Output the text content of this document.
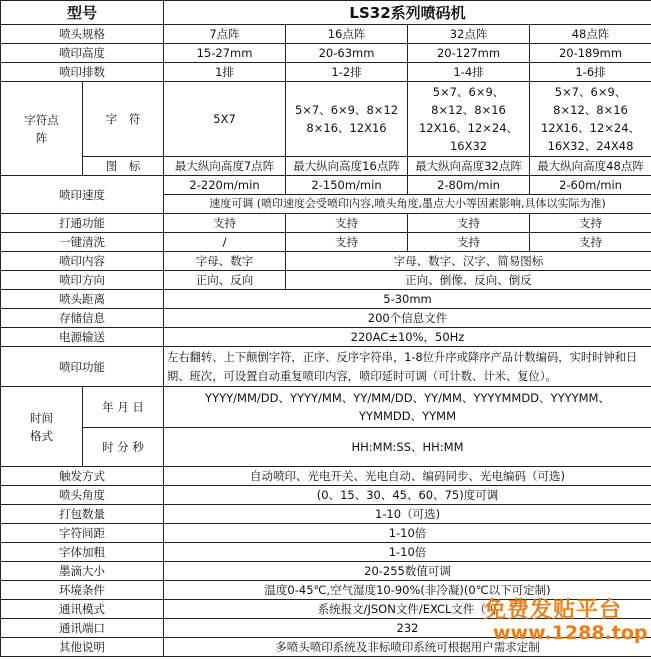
型号		LS32系列喷码机			
喷头规格		7点阵	16点阵	32点阵	48点阵
喷印高度		15-27mm	20-63mm	20-127mm	20-189mm
喷印排数		1排	1-2排	1-4排	1-6排
字符点阵	字　符	5X7	5×7、6×9、8×12 8×16、12X16	5×7、6×9、8×12、8×16 12X16、12×24、16X32	5×7、6×9、8×12、8×16 12X16、12×24、16X32、24X48
	图　标	最大纵向高度7点阵	最大纵向高度16点阵	最大纵向高度32点阵	最大纵向高度48点阵
喷印速度		2-220m/min	2-150m/min	2-80m/min	2-60m/min
		速度可调 (喷印速度会受喷印内容,喷头角度,墨点大小等因素影响,具体以实际为准)			
打通功能		支持	支持	支持	支持
一键清洗		/	支持	支持	支持
喷印内容		字母、数字	字母、数字、汉字、简易图标		
喷印方向		正向、反向	正向、倒像、反向、倒反		
喷头距离		5-30mm			
存储信息		200个信息文件			
电源输送		220AC±10%，50Hz			
喷印功能		左右翻转、上下颠倒字符，正序、反序字符串，1-8位升序或降序产品计数编码，实时时钟和日期、班次，可设置自动重复喷印内容，喷印延时可调（可计数、计米、复位）。			
时间格式	年 月 日	YYYY/MM/DD、YYYY/MM、YY/MM/DD、YY/MM、YYYYMMDD、YYYYMM、YYMMDD、YYMM			
	时 分 秒	HH:MM:SS、HH:MM			
触发方式		自动喷印、光电开关、光电自动、编码同步、光电编码（可选)			
喷头角度		(0、15、30、45、60、75)度可调			
打包数量		1-10（可选)			
字符间距		1-10倍			
字体加粗		1-10倍			
墨滴大小		20-255数值可调			
环境条件		温度0-45℃,空气湿度10-90%(非冷凝)(0℃以下可定制)			
通讯模式		系统报文/JSON文件/EXCL文件（可			
通讯端口		232			
其他说明		多喷头喷印系统及非标喷印系统可根据用户需求定制			
免费发贴平台
www.1288.top
